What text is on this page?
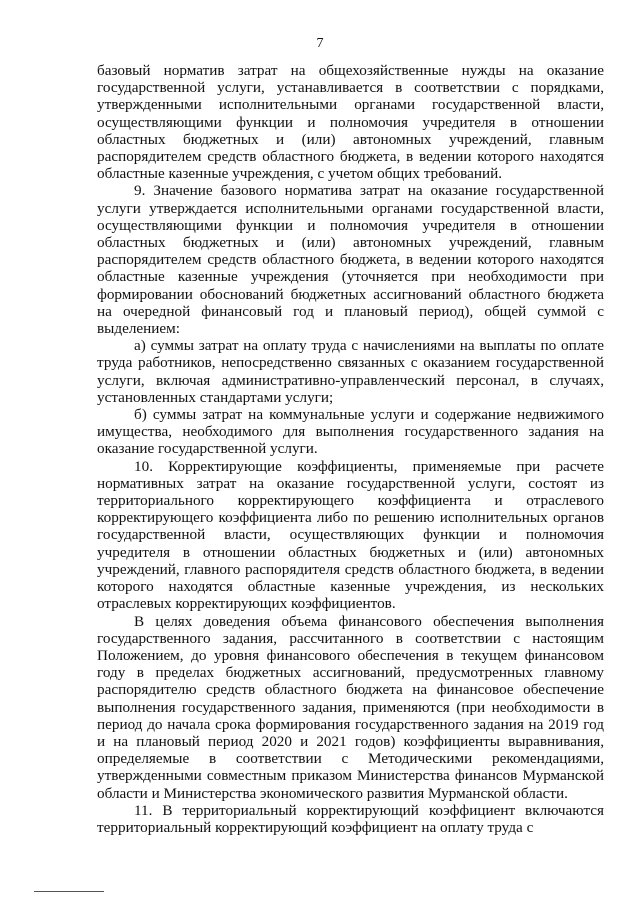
7

базовый норматив затрат на общехозяйственные нужды на оказание государственной услуги, устанавливается в соответствии с порядками, утвержденными исполнительными органами государственной власти, осуществляющими функции и полномочия учредителя в отношении областных бюджетных и (или) автономных учреждений, главным распорядителем средств областного бюджета, в ведении которого находятся областные казенные учреждения, с учетом общих требований.

9. Значение базового норматива затрат на оказание государственной услуги утверждается исполнительными органами государственной власти, осуществляющими функции и полномочия учредителя в отношении областных бюджетных и (или) автономных учреждений, главным распорядителем средств областного бюджета, в ведении которого находятся областные казенные учреждения (уточняется при необходимости при формировании обоснований бюджетных ассигнований областного бюджета на очередной финансовый год и плановый период), общей суммой с выделением:

а) суммы затрат на оплату труда с начислениями на выплаты по оплате труда работников, непосредственно связанных с оказанием государственной услуги, включая административно-управленческий персонал, в случаях, установленных стандартами услуги;

б) суммы затрат на коммунальные услуги и содержание недвижимого имущества, необходимого для выполнения государственного задания на оказание государственной услуги.

10. Корректирующие коэффициенты, применяемые при расчете нормативных затрат на оказание государственной услуги, состоят из территориального корректирующего коэффициента и отраслевого корректирующего коэффициента либо по решению исполнительных органов государственной власти, осуществляющих функции и полномочия учредителя в отношении областных бюджетных и (или) автономных учреждений, главного распорядителя средств областного бюджета, в ведении которого находятся областные казенные учреждения, из нескольких отраслевых корректирующих коэффициентов.

В целях доведения объема финансового обеспечения выполнения государственного задания, рассчитанного в соответствии с настоящим Положением, до уровня финансового обеспечения в текущем финансовом году в пределах бюджетных ассигнований, предусмотренных главному распорядителю средств областного бюджета на финансовое обеспечение выполнения государственного задания, применяются (при необходимости в период до начала срока формирования государственного задания на 2019 год и на плановый период 2020 и 2021 годов) коэффициенты выравнивания, определяемые в соответствии с Методическими рекомендациями, утвержденными совместным приказом Министерства финансов Мурманской области и Министерства экономического развития Мурманской области.

11. В территориальный корректирующий коэффициент включаются территориальный корректирующий коэффициент на оплату труда с
